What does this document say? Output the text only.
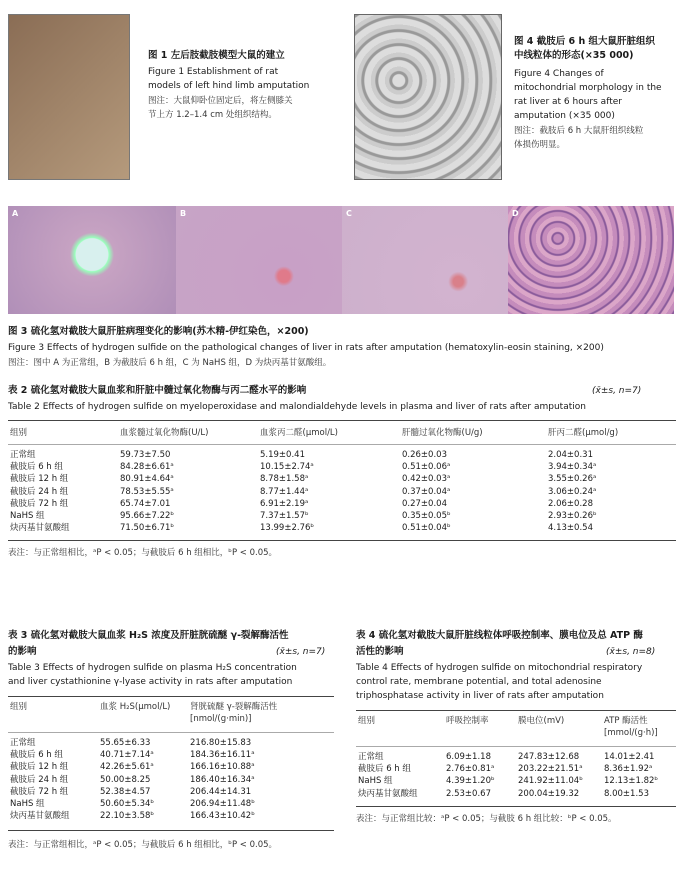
图 1 左后肢截肢模型大鼠的建立
Figure 1 Establishment of rat
models of left hind limb amputation
图注：大鼠仰卧位固定后，将左侧膝关
节上方 1.2–1.4 cm 处组织结构。
图 4 截肢后 6 h 组大鼠肝脏组织
中线粒体的形态(×35 000)
Figure 4 Changes of
mitochondrial morphology in the
rat liver at 6 hours after
amputation (×35 000)
图注：截肢后 6 h 大鼠肝组织线粒
体损伤明显。
A	B	C	D
图 3 硫化氢对截肢大鼠肝脏病理变化的影响(苏木精-伊红染色，×200)
Figure 3 Effects of hydrogen sulfide on the pathological changes of liver in rats after amputation (hematoxylin-eosin staining, ×200)
图注：图中 A 为正常组，B 为截肢后 6 h 组，C 为 NaHS 组，D 为炔丙基甘氨酸组。
表 2 硫化氢对截肢大鼠血浆和肝脏中髓过氧化物酶与丙二醛水平的影响	(x̄±s, n=7)
Table 2 Effects of hydrogen sulfide on myeloperoxidase and malondialdehyde levels in plasma and liver of rats after amputation
组别	血浆髓过氧化物酶(U/L)	血浆丙二醛(μmol/L)	肝髓过氧化物酶(U/g)	肝丙二醛(μmol/g)
正常组	59.73±7.50	5.19±0.41	0.26±0.03	2.04±0.31
截肢后 6 h 组	84.28±6.61ᵃ	10.15±2.74ᵃ	0.51±0.06ᵃ	3.94±0.34ᵃ
截肢后 12 h 组	80.91±4.64ᵃ	8.78±1.58ᵃ	0.42±0.03ᵃ	3.55±0.26ᵃ
截肢后 24 h 组	78.53±5.55ᵃ	8.77±1.44ᵃ	0.37±0.04ᵃ	3.06±0.24ᵃ
截肢后 72 h 组	65.74±7.01	6.91±2.19ᵃ	0.27±0.04	2.06±0.28
NaHS 组	95.66±7.22ᵇ	7.37±1.57ᵇ	0.35±0.05ᵇ	2.93±0.26ᵇ
炔丙基甘氨酸组	71.50±6.71ᵇ	13.99±2.76ᵇ	0.51±0.04ᵇ	4.13±0.54
表注：与正常组相比，ᵃP < 0.05；与截肢后 6 h 组相比，ᵇP < 0.05。
表 3 硫化氢对截肢大鼠血浆 H₂S 浓度及肝脏胱硫醚 γ-裂解酶活性
的影响	(x̄±s, n=7)
Table 3 Effects of hydrogen sulfide on plasma H₂S concentration
and liver cystathionine γ-lyase activity in rats after amputation
组别	血浆 H₂S(μmol/L)	肾胱硫醚 γ-裂解酶活性
		[nmol/(g·min)]
正常组	55.65±6.33	216.80±15.83
截肢后 6 h 组	40.71±7.14ᵃ	184.36±16.11ᵃ
截肢后 12 h 组	42.26±5.61ᵃ	166.16±10.88ᵃ
截肢后 24 h 组	50.00±8.25	186.40±16.34ᵃ
截肢后 72 h 组	52.38±4.57	206.44±14.31
NaHS 组	50.60±5.34ᵇ	206.94±11.48ᵇ
炔丙基甘氨酸组	22.10±3.58ᵇ	166.43±10.42ᵇ
表注：与正常组相比，ᵃP < 0.05；与截肢后 6 h 组相比，ᵇP < 0.05。
表 4 硫化氢对截肢大鼠肝脏线粒体呼吸控制率、膜电位及总 ATP 酶
活性的影响	(x̄±s, n=8)
Table 4 Effects of hydrogen sulfide on mitochondrial respiratory
control rate, membrane potential, and total adenosine
triphosphatase activity in liver of rats after amputation
组别	呼吸控制率	膜电位(mV)	ATP 酶活性
			[mmol/(g·h)]
正常组	6.09±1.18	247.83±12.68	14.01±2.41
截肢后 6 h 组	2.76±0.81ᵃ	203.22±21.51ᵃ	8.36±1.92ᵃ
NaHS 组	4.39±1.20ᵇ	241.92±11.04ᵇ	12.13±1.82ᵇ
炔丙基甘氨酸组	2.53±0.67	200.04±19.32	8.00±1.53
表注：与正常组比较：ᵃP < 0.05；与截肢 6 h 组比较：ᵇP < 0.05。
